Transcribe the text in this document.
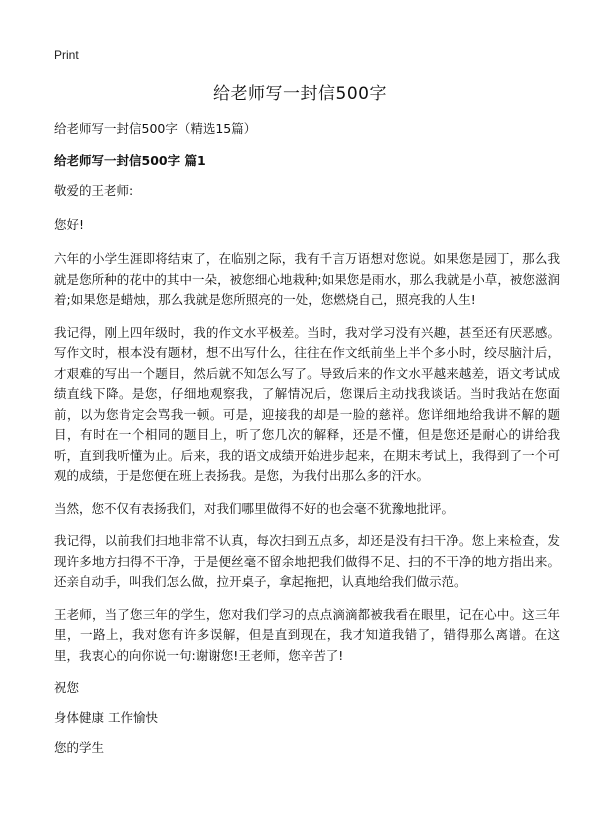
Print
给老师写一封信500字

给老师写一封信500字（精选15篇）

给老师写一封信500字 篇1

敬爱的王老师:

您好!

六年的小学生涯即将结束了，在临别之际，我有千言万语想对您说。如果您是园丁，那么我就是您所种的花中的其中一朵，被您细心地栽种;如果您是雨水，那么我就是小草，被您滋润着;如果您是蜡烛，那么我就是您所照亮的一处，您燃烧自己，照亮我的人生!

我记得，刚上四年级时，我的作文水平极差。当时，我对学习没有兴趣，甚至还有厌恶感。写作文时，根本没有题材，想不出写什么，往往在作文纸前坐上半个多小时，绞尽脑汁后，才艰难的写出一个题目，然后就不知怎么写了。导致后来的作文水平越来越差，语文考试成绩直线下降。是您，仔细地观察我，了解情况后，您课后主动找我谈话。当时我站在您面前，以为您肯定会骂我一顿。可是，迎接我的却是一脸的慈祥。您详细地给我讲不解的题目，有时在一个相同的题目上，听了您几次的解释，还是不懂，但是您还是耐心的讲给我听，直到我听懂为止。后来，我的语文成绩开始进步起来，在期末考试上，我得到了一个可观的成绩，于是您便在班上表扬我。是您，为我付出那么多的汗水。

当然，您不仅有表扬我们，对我们哪里做得不好的也会毫不犹豫地批评。

我记得，以前我们扫地非常不认真，每次扫到五点多，却还是没有扫干净。您上来检查，发现许多地方扫得不干净，于是便丝毫不留余地把我们做得不足、扫的不干净的地方指出来。还亲自动手，叫我们怎么做，拉开桌子，拿起拖把，认真地给我们做示范。

王老师，当了您三年的学生，您对我们学习的点点滴滴都被我看在眼里，记在心中。这三年里，一路上，我对您有许多误解，但是直到现在，我才知道我错了，错得那么离谱。在这里，我衷心的向你说一句:谢谢您!王老师，您辛苦了!

祝您

身体健康 工作愉快

您的学生
